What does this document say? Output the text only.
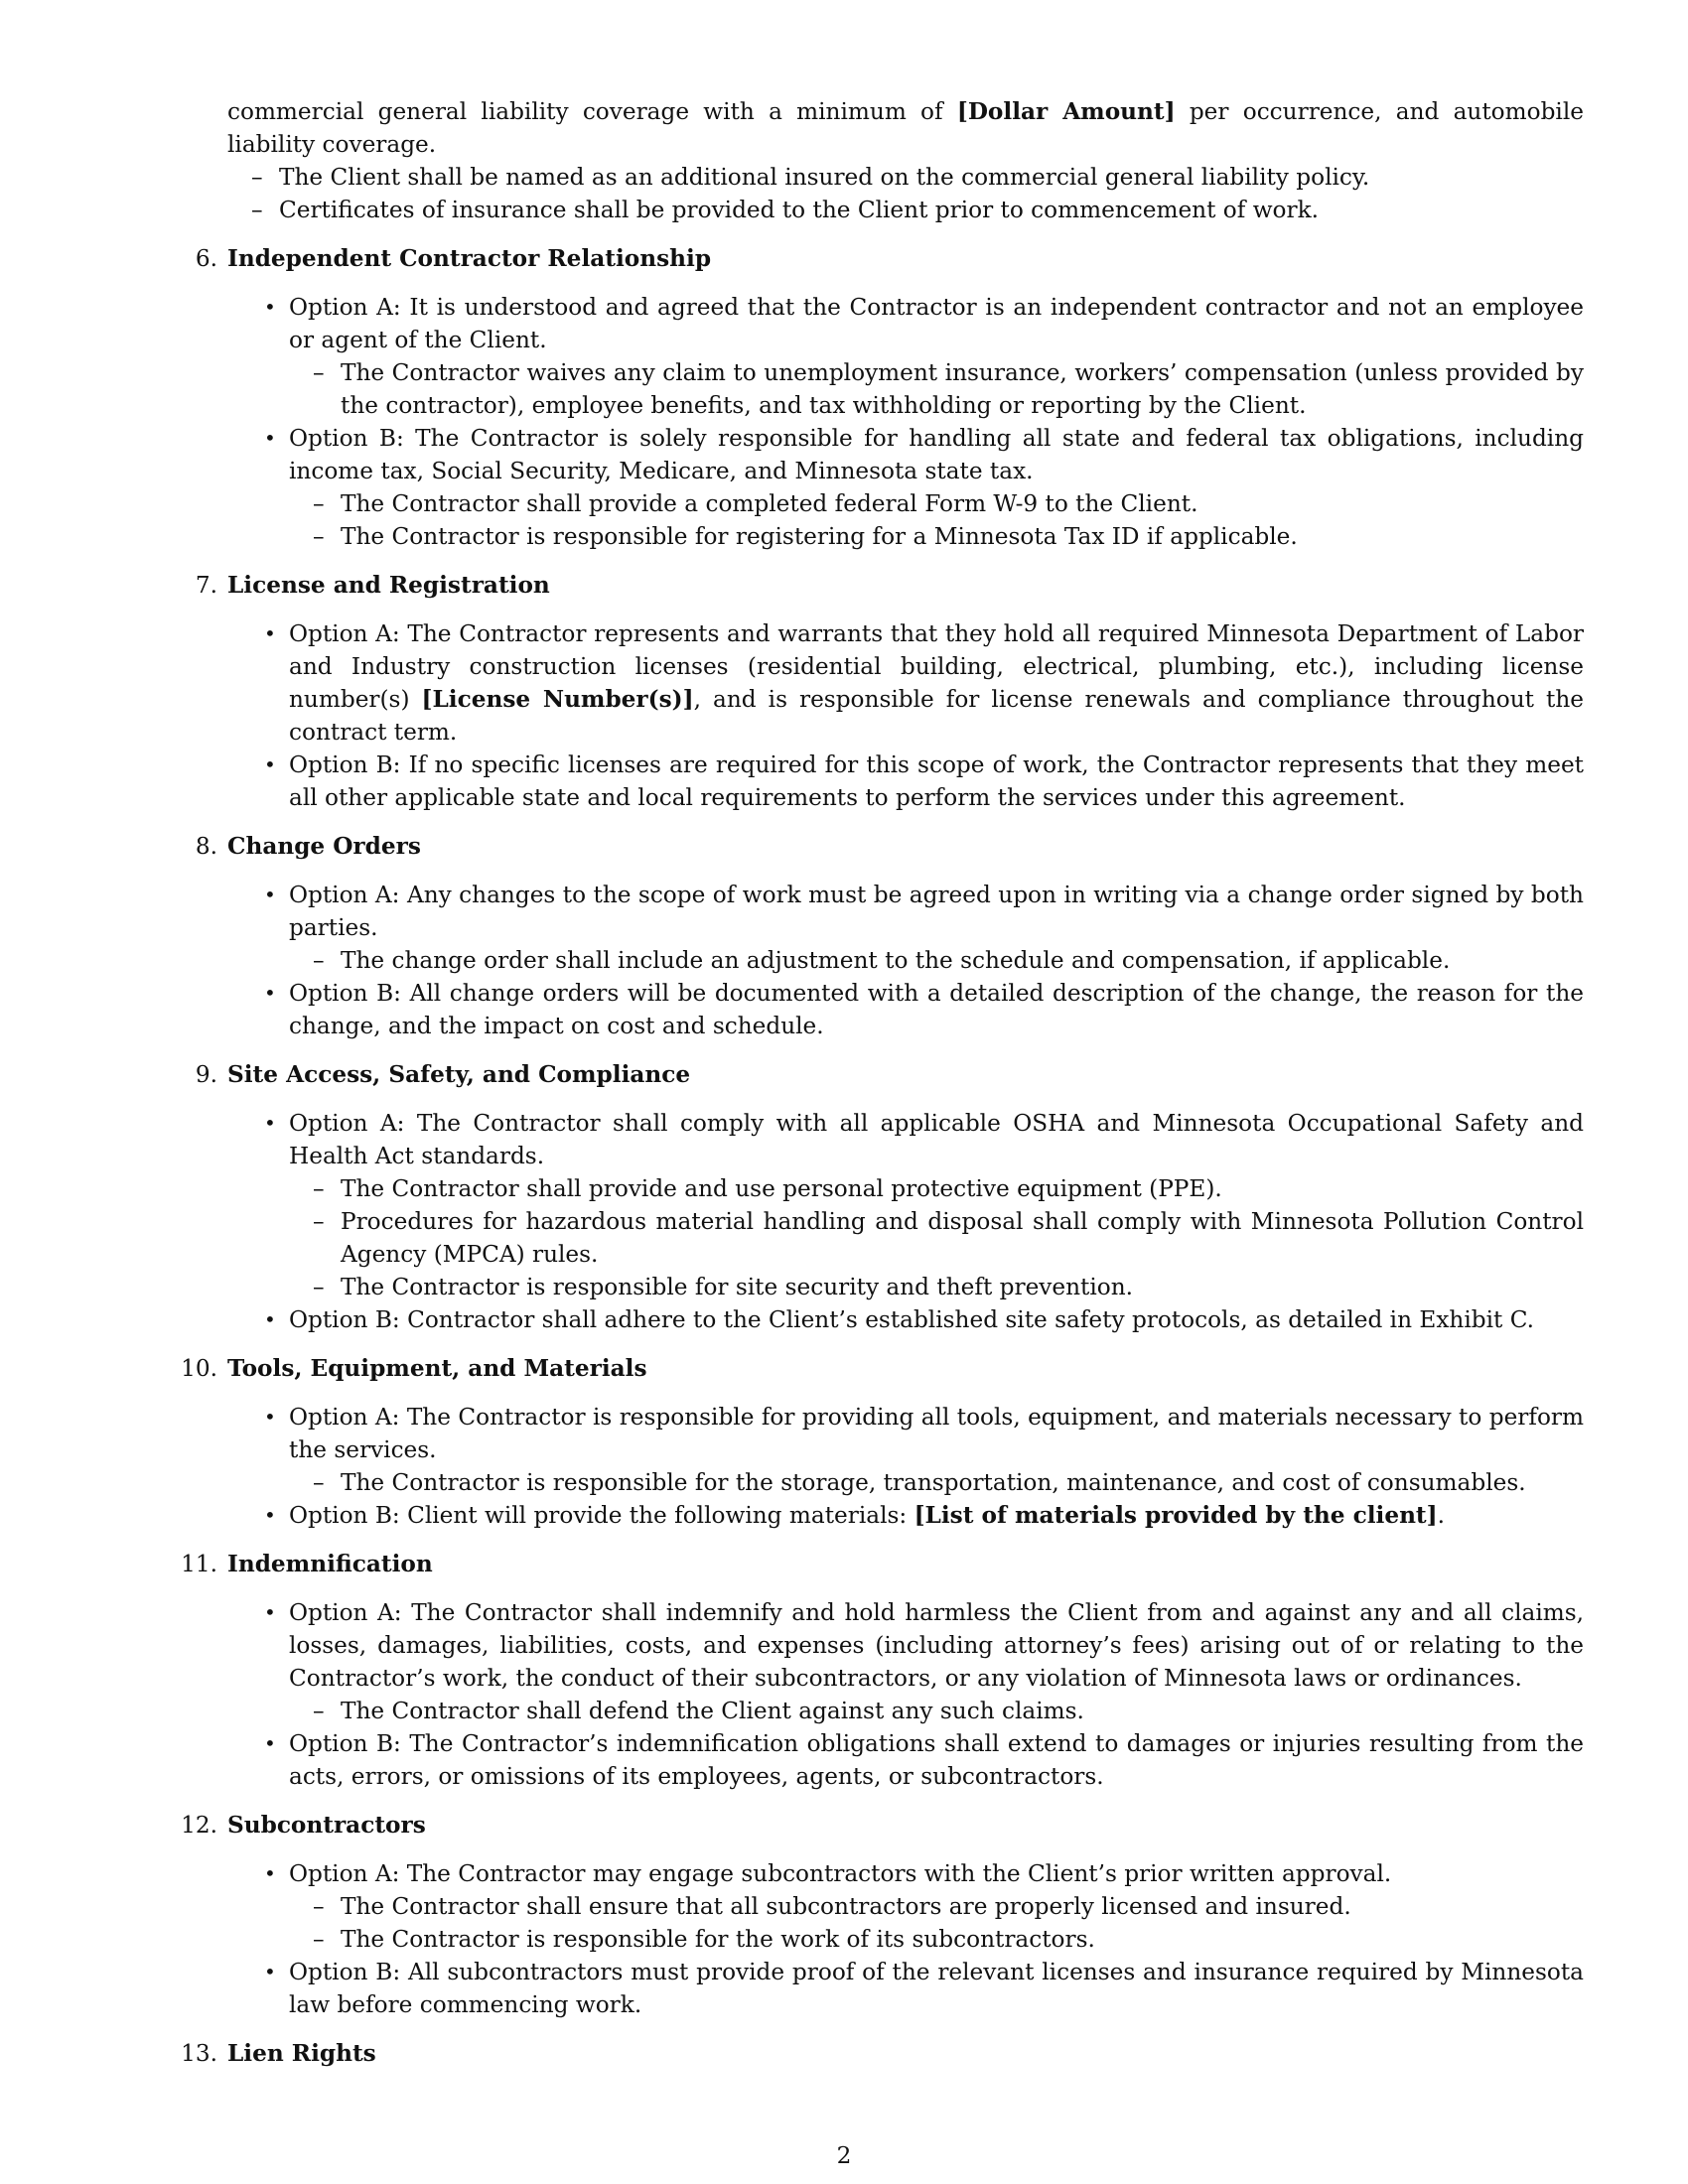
commercial general liability coverage with a minimum of [Dollar Amount] per occurrence, and automobile liability coverage.

– The Client shall be named as an additional insured on the commercial general liability policy.
– Certificates of insurance shall be provided to the Client prior to commencement of work.
6. Independent Contractor Relationship
• Option A: It is understood and agreed that the Contractor is an independent contractor and not an employee or agent of the Client.
– The Contractor waives any claim to unemployment insurance, workers’ compensation (unless provided by the contractor), employee benefits, and tax withholding or reporting by the Client.
• Option B: The Contractor is solely responsible for handling all state and federal tax obligations, including income tax, Social Security, Medicare, and Minnesota state tax.
– The Contractor shall provide a completed federal Form W-9 to the Client.
– The Contractor is responsible for registering for a Minnesota Tax ID if applicable.
7. License and Registration
• Option A: The Contractor represents and warrants that they hold all required Minnesota Department of Labor and Industry construction licenses (residential building, electrical, plumbing, etc.), including license number(s) [License Number(s)], and is responsible for license renewals and compliance throughout the contract term.
• Option B: If no specific licenses are required for this scope of work, the Contractor represents that they meet all other applicable state and local requirements to perform the services under this agreement.
8. Change Orders
• Option A: Any changes to the scope of work must be agreed upon in writing via a change order signed by both parties.
– The change order shall include an adjustment to the schedule and compensation, if applicable.
• Option B: All change orders will be documented with a detailed description of the change, the reason for the change, and the impact on cost and schedule.
9. Site Access, Safety, and Compliance
• Option A: The Contractor shall comply with all applicable OSHA and Minnesota Occupational Safety and Health Act standards.
– The Contractor shall provide and use personal protective equipment (PPE).
– Procedures for hazardous material handling and disposal shall comply with Minnesota Pollution Control Agency (MPCA) rules.
– The Contractor is responsible for site security and theft prevention.
• Option B: Contractor shall adhere to the Client’s established site safety protocols, as detailed in Exhibit C.
10. Tools, Equipment, and Materials
• Option A: The Contractor is responsible for providing all tools, equipment, and materials necessary to perform the services.
– The Contractor is responsible for the storage, transportation, maintenance, and cost of consumables.
• Option B: Client will provide the following materials: [List of materials provided by the client].
11. Indemnification
• Option A: The Contractor shall indemnify and hold harmless the Client from and against any and all claims, losses, damages, liabilities, costs, and expenses (including attorney’s fees) arising out of or relating to the Contractor’s work, the conduct of their subcontractors, or any violation of Minnesota laws or ordinances.
– The Contractor shall defend the Client against any such claims.
• Option B: The Contractor’s indemnification obligations shall extend to damages or injuries resulting from the acts, errors, or omissions of its employees, agents, or subcontractors.
12. Subcontractors
• Option A: The Contractor may engage subcontractors with the Client’s prior written approval.
– The Contractor shall ensure that all subcontractors are properly licensed and insured.
– The Contractor is responsible for the work of its subcontractors.
• Option B: All subcontractors must provide proof of the relevant licenses and insurance required by Minnesota law before commencing work.
13. Lien Rights
2
